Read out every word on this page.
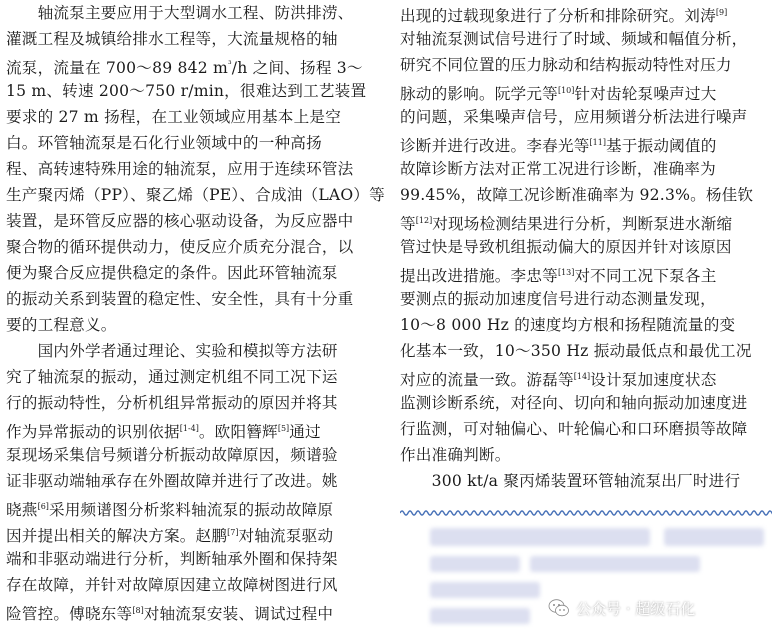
　　轴流泵主要应用于大型调水工程、防洪排涝、
灌溉工程及城镇给排水工程等，大流量规格的轴
流泵，流量在 700～89 842 $m^{^3}/h$ 之间、扬程 3～
15 m、转速 200～750 r/min，很难达到工艺装置
要求的 27 m 扬程，在工业领域应用基本上是空
白。环管轴流泵是石化行业领域中的一种高扬
程、高转速特殊用途的轴流泵，应用于连续环管法
生产聚丙烯（PP）、聚乙烯（PE）、合成油（LAO）等
装置，是环管反应器的核心驱动设备，为反应器中
聚合物的循环提供动力，使反应介质充分混合，以
便为聚合反应提供稳定的条件。因此环管轴流泵
的振动关系到装置的稳定性、安全性，具有十分重
要的工程意义。
　　国内外学者通过理论、实验和模拟等方法研
究了轴流泵的振动，通过测定机组不同工况下运
行的振动特性，分析机组异常振动的原因并将其
作为异常振动的识别依据[1-4]。欧阳簪辉[5]通过
泵现场采集信号频谱分析振动故障原因，频谱验
证非驱动端轴承存在外圈故障并进行了改进。姚
晓燕[6]采用频谱图分析浆料轴流泵的振动故障原
因并提出相关的解决方案。赵鹏[7]对轴流泵驱动
端和非驱动端进行分析，判断轴承外圈和保持架
存在故障，并针对故障原因建立故障树图进行风
险管控。傅晓东等[8]对轴流泵安装、调试过程中
出现的过载现象进行了分析和排除研究。刘涛[9]
对轴流泵测试信号进行了时域、频域和幅值分析，
研究不同位置的压力脉动和结构振动特性对压力
脉动的影响。阮学元等[10]针对齿轮泵噪声过大
的问题，采集噪声信号，应用频谱分析法进行噪声
诊断并进行改进。李春光等[11]基于振动阈值的
故障诊断方法对正常工况进行诊断，准确率为
99.45%，故障工况诊断准确率为 92.3%。杨佳钦
等[12]对现场检测结果进行分析，判断泵进水渐缩
管过快是导致机组振动偏大的原因并针对该原因
提出改进措施。李忠等[13]对不同工况下泵各主
要测点的振动加速度信号进行动态测量发现，
10～8 000 Hz 的速度均方根和扬程随流量的变
化基本一致，10～350 Hz 振动最低点和最优工况
对应的流量一致。游磊等[14]设计泵加速度状态
监测诊断系统，对径向、切向和轴向振动加速度进
行监测，可对轴偏心、叶轮偏心和口环磨损等故障
作出准确判断。
　　300 kt/a 聚丙烯装置环管轴流泵出厂时进行
公众号 · 超级石化
